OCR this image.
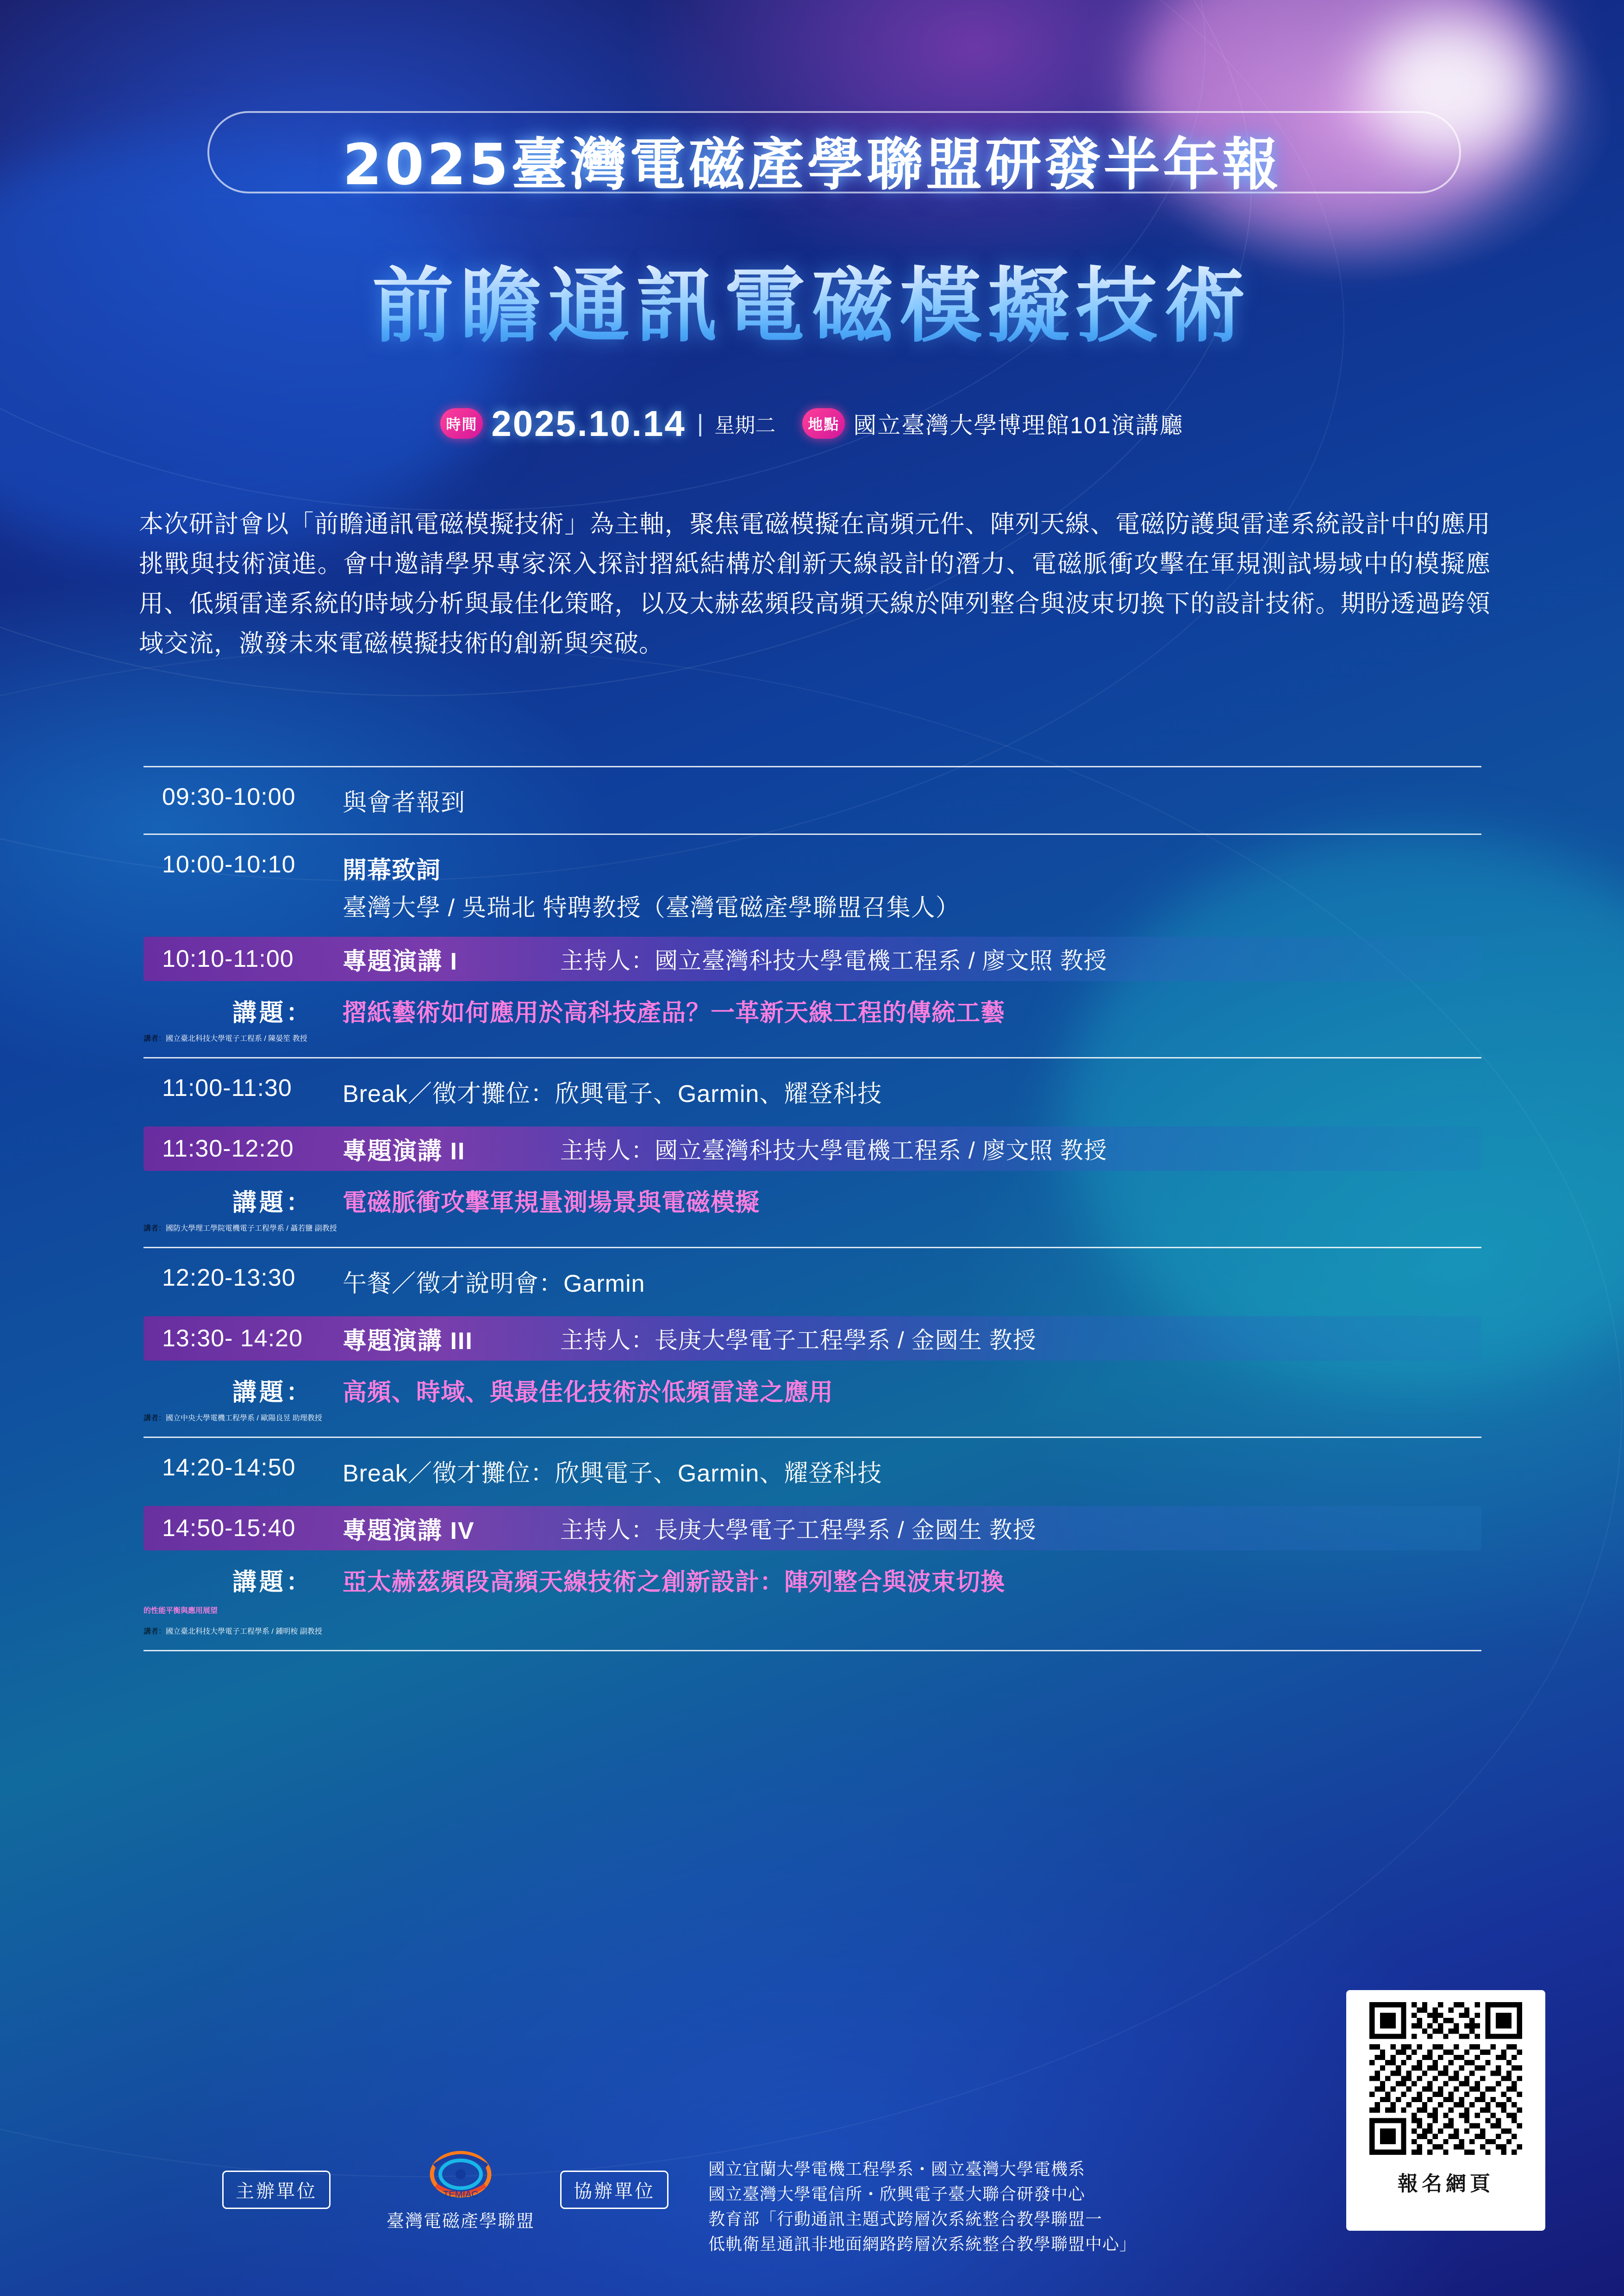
2025臺灣電磁產學聯盟研發半年報
前瞻通訊電磁模擬技術
時間 2025.10.14 | 星期二	地點 國立臺灣大學博理館101演講廳
本次研討會以「前瞻通訊電磁模擬技術」為主軸，聚焦電磁模擬在高頻元件、陣列天線、電磁防護與雷達系統設計中的應用挑戰與技術演進。會中邀請學界專家深入探討摺紙結構於創新天線設計的潛力、電磁脈衝攻擊在軍規測試場域中的模擬應用、低頻雷達系統的時域分析與最佳化策略，以及太赫茲頻段高頻天線於陣列整合與波束切換下的設計技術。期盼透過跨領域交流，激發未來電磁模擬技術的創新與突破。
09:30-10:00	與會者報到
10:00-10:10	開幕致詞
臺灣大學 / 吳瑞北 特聘教授（臺灣電磁產學聯盟召集人）
10:10-11:00	專題演講 I	主持人：國立臺灣科技大學電機工程系 / 廖文照 教授
講題：	摺紙藝術如何應用於高科技產品？一革新天線工程的傳統工藝
講者： 國立臺北科技大學電子工程系 / 陳晏笙 教授
11:00-11:30	Break／徵才攤位：欣興電子、Garmin、耀登科技
11:30-12:20	專題演講 II	主持人：國立臺灣科技大學電機工程系 / 廖文照 教授
講題：	電磁脈衝攻擊軍規量測場景與電磁模擬
講者： 國防大學理工學院電機電子工程學系 / 聶若鹽 副教授
12:20-13:30	午餐／徵才說明會：Garmin
13:30- 14:20	專題演講 III	主持人：長庚大學電子工程學系 / 金國生 教授
講題：	高頻、時域、與最佳化技術於低頻雷達之應用
講者： 國立中央大學電機工程學系 / 歐陽良昱 助理教授
14:20-14:50	Break／徵才攤位：欣興電子、Garmin、耀登科技
14:50-15:40	專題演講 IV	主持人：長庚大學電子工程學系 / 金國生 教授
講題：	亞太赫茲頻段高頻天線技術之創新設計：陣列整合與波束切換
的性能平衡與應用展望
講者： 國立臺北科技大學電子工程學系 / 鍾明桉 副教授
報名網頁
主辦單位	TEMIAC
臺灣電磁產學聯盟
協辦單位
國立宜蘭大學電機工程學系・國立臺灣大學電機系
國立臺灣大學電信所・欣興電子臺大聯合研發中心
教育部「行動通訊主題式跨層次系統整合教學聯盟一
低軌衛星通訊非地面網路跨層次系統整合教學聯盟中心」
